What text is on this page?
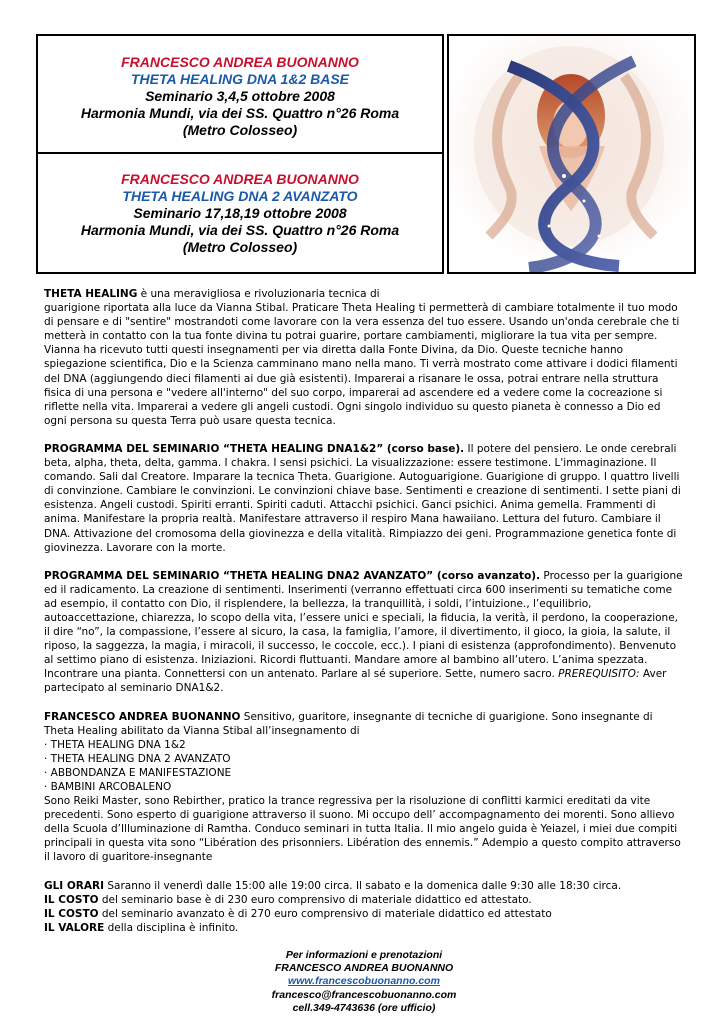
FRANCESCO ANDREA BUONANNO
THETA HEALING DNA 1&2 BASE
Seminario 3,4,5 ottobre 2008
Harmonia Mundi, via dei SS. Quattro n°26 Roma
(Metro Colosseo)
FRANCESCO ANDREA BUONANNO
THETA HEALING DNA 2 AVANZATO
Seminario 17,18,19 ottobre 2008
Harmonia Mundi, via dei SS. Quattro n°26 Roma
(Metro Colosseo)

THETA HEALING è una meravigliosa e rivoluzionaria tecnica di
guarigione riportata alla luce da Vianna Stibal. Praticare Theta Healing ti permetterà di cambiare totalmente il tuo modo di pensare e di "sentire" mostrandoti come lavorare con la vera essenza del tuo essere. Usando un'onda cerebrale che ti metterà in contatto con la tua fonte divina tu potrai guarire, portare cambiamenti, migliorare la tua vita per sempre. Vianna ha ricevuto tutti questi insegnamenti per via diretta dalla Fonte Divina, da Dio. Queste tecniche hanno spiegazione scientifica, Dio e la Scienza camminano mano nella mano. Ti verrà mostrato come attivare i dodici filamenti del DNA (aggiungendo dieci filamenti ai due già esistenti). Imparerai a risanare le ossa, potrai entrare nella struttura fisica di una persona e "vedere all'interno" del suo corpo, imparerai ad ascendere ed a vedere come la cocreazione si riflette nella vita. Imparerai a vedere gli angeli custodi. Ogni singolo individuo su questo pianeta è connesso a Dio ed ogni persona su questa Terra può usare questa tecnica.

PROGRAMMA DEL SEMINARIO “THETA HEALING DNA1&2” (corso base). Il potere del pensiero. Le onde cerebrali beta, alpha, theta, delta, gamma. I chakra. I sensi psichici. La visualizzazione: essere testimone. L'immaginazione. Il comando. Sali dal Creatore. Imparare la tecnica Theta. Guarigione. Autoguarigione. Guarigione di gruppo. I quattro livelli di convinzione. Cambiare le convinzioni. Le convinzioni chiave base. Sentimenti e creazione di sentimenti. I sette piani di esistenza. Angeli custodi. Spiriti erranti. Spiriti caduti. Attacchi psichici. Ganci psichici. Anima gemella. Frammenti di anima. Manifestare la propria realtà. Manifestare attraverso il respiro Mana hawaiiano. Lettura del futuro. Cambiare il DNA. Attivazione del cromosoma della giovinezza e della vitalità. Rimpiazzo dei geni. Programmazione genetica fonte di giovinezza. Lavorare con la morte.

PROGRAMMA DEL SEMINARIO “THETA HEALING DNA2 AVANZATO” (corso avanzato). Processo per la guarigione ed il radicamento. La creazione di sentimenti. Inserimenti (verranno effettuati circa 600 inserimenti su tematiche come ad esempio, il contatto con Dio, il risplendere, la bellezza, la tranquillità, i soldi, l’intuizione., l’equilibrio, autoaccettazione, chiarezza, lo scopo della vita, l’essere unici e speciali, la fiducia, la verità, il perdono, la cooperazione, il dire “no”, la compassione, l’essere al sicuro, la casa, la famiglia, l’amore, il divertimento, il gioco, la gioia, la salute, il riposo, la saggezza, la magia, i miracoli, il successo, le coccole, ecc.). I piani di esistenza (approfondimento). Benvenuto al settimo piano di esistenza. Iniziazioni. Ricordi fluttuanti. Mandare amore al bambino all’utero. L’anima spezzata. Incontrare una pianta. Connettersi con un antenato. Parlare al sé superiore. Sette, numero sacro. PREREQUISITO: Aver partecipato al seminario DNA1&2.

FRANCESCO ANDREA BUONANNO Sensitivo, guaritore, insegnante di tecniche di guarigione. Sono insegnante di

Theta Healing abilitato da Vianna Stibal all’insegnamento di

· THETA HEALING DNA 1&2
· THETA HEALING DNA 2 AVANZATO
· ABBONDANZA E MANIFESTAZIONE
· BAMBINI ARCOBALENO

Sono Reiki Master, sono Rebirther, pratico la trance regressiva per la risoluzione di conflitti karmici ereditati da vite precedenti. Sono esperto di guarigione attraverso il suono. Mi occupo dell’ accompagnamento dei morenti. Sono allievo della Scuola d’Illuminazione di Ramtha. Conduco seminari in tutta Italia. Il mio angelo guida è Yeiazel, i miei due compiti principali in questa vita sono “Libération des prisonniers. Libération des ennemis.” Adempio a questo compito attraverso il lavoro di guaritore-insegnante

GLI ORARI Saranno il venerdì dalle 15:00 alle 19:00 circa. Il sabato e la domenica dalle 9:30 alle 18:30 circa.

IL COSTO del seminario base è di 230 euro comprensivo di materiale didattico ed attestato.

IL COSTO del seminario avanzato è di 270 euro comprensivo di materiale didattico ed attestato

IL VALORE della disciplina è infinito.

Per informazioni e prenotazioni
FRANCESCO ANDREA BUONANNO
www.francescobuonanno.com
francesco@francescobuonanno.com
cell.349-4743636 (ore ufficio)
